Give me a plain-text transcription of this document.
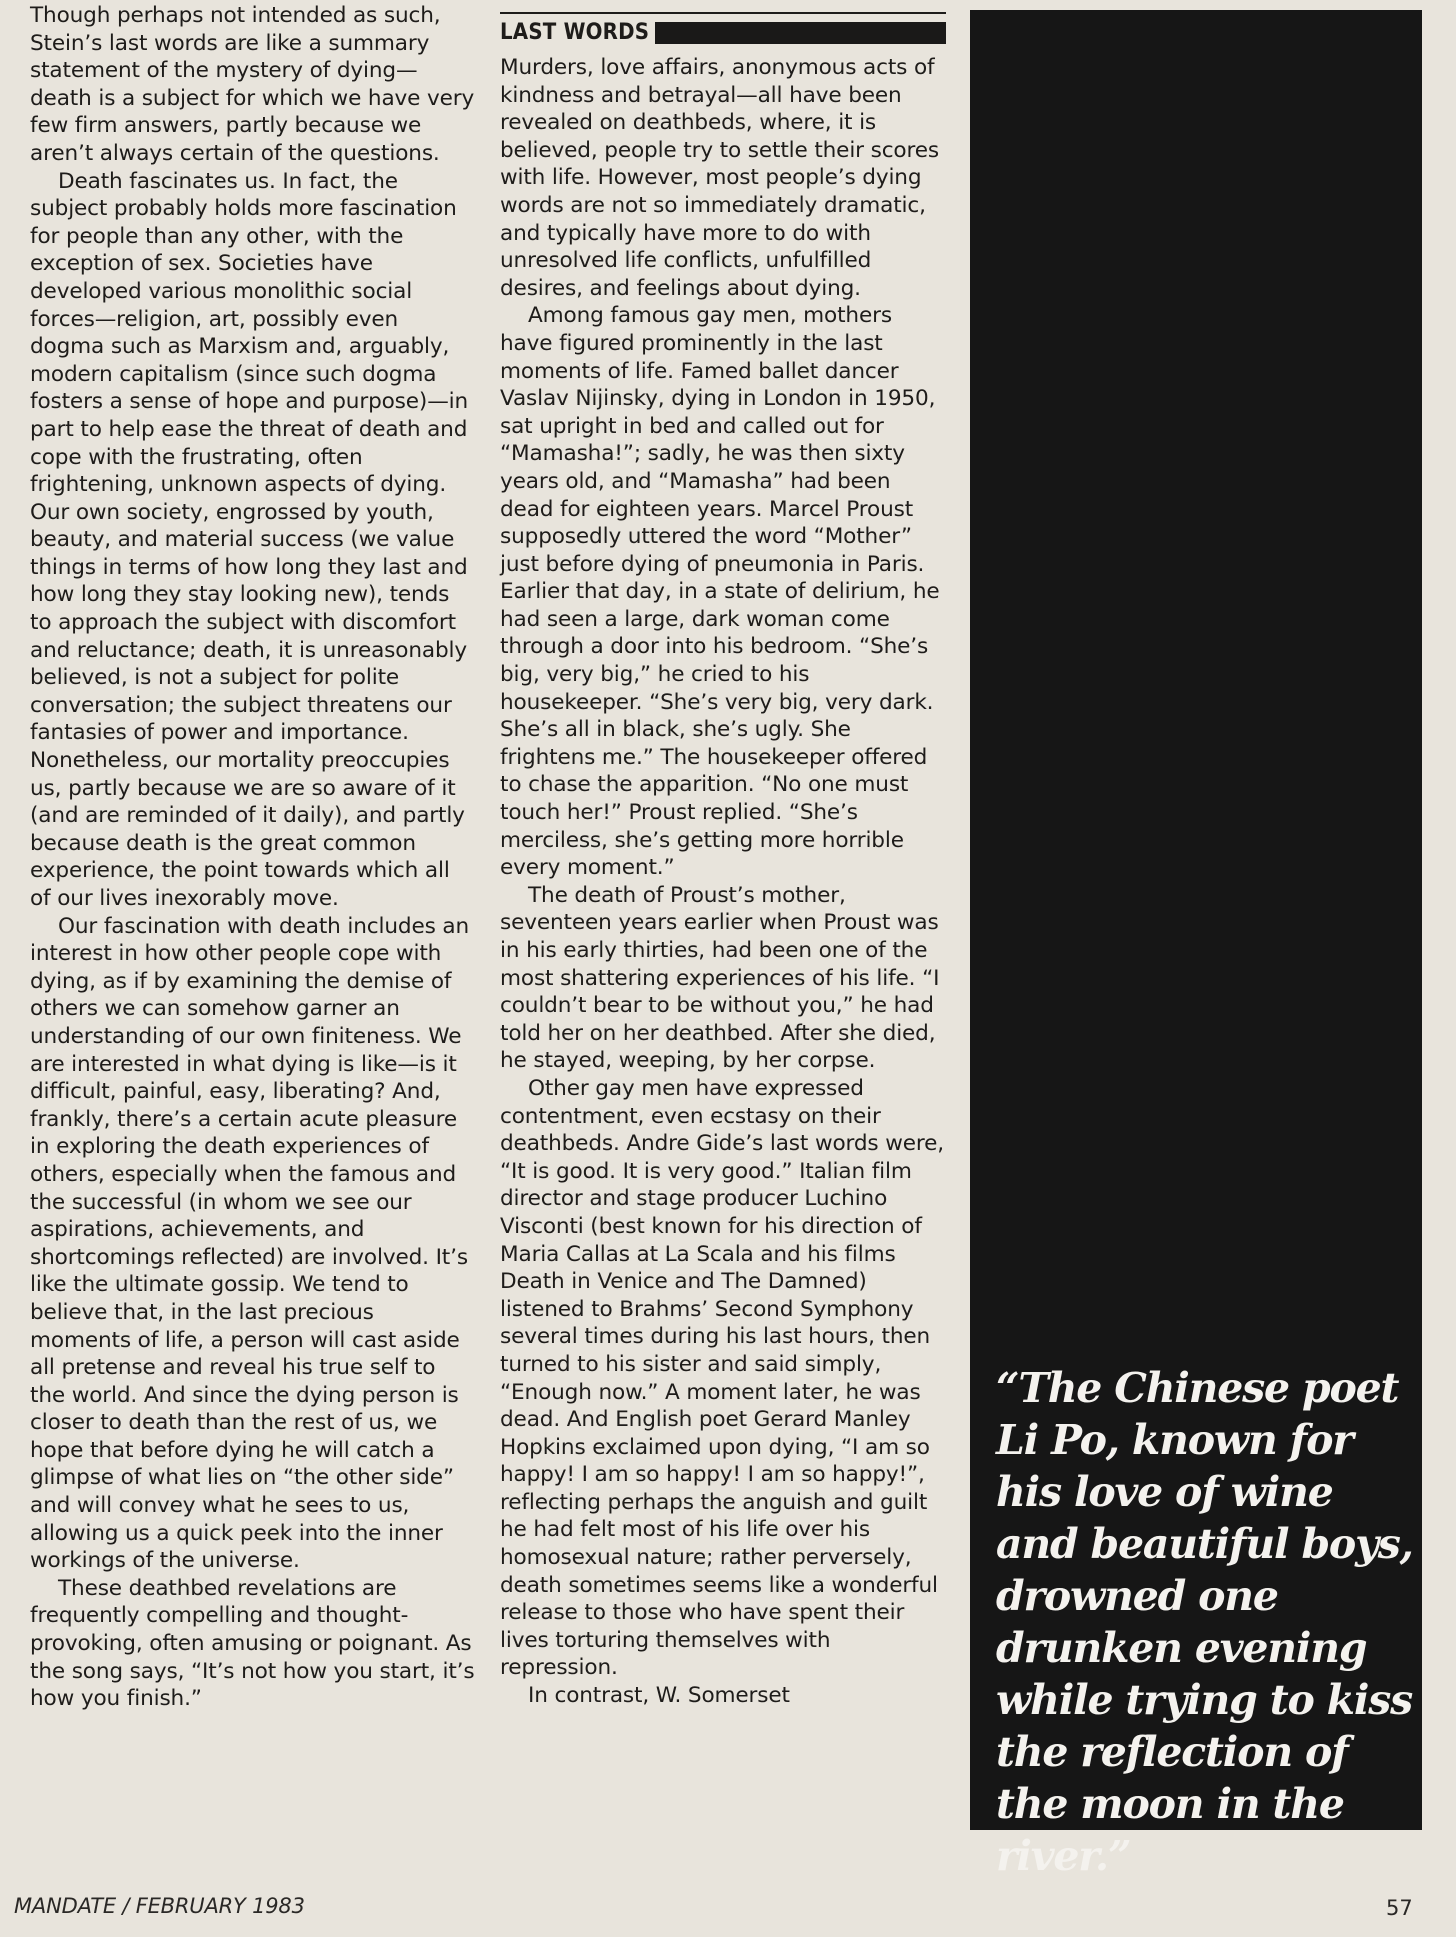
Though perhaps not intended as such, Stein’s last words are like a summary statement of the mystery of dying—death is a subject for which we have very few firm answers, partly because we aren’t always certain of the questions.

Death fascinates us. In fact, the subject probably holds more fascination for people than any other, with the exception of sex. Societies have developed various monolithic social forces—religion, art, possibly even dogma such as Marxism and, arguably, modern capitalism (since such dogma fosters a sense of hope and purpose)—in part to help ease the threat of death and cope with the frustrating, often frightening, unknown aspects of dying. Our own society, engrossed by youth, beauty, and material success (we value things in terms of how long they last and how long they stay looking new), tends to approach the subject with discomfort and reluctance; death, it is unreasonably believed, is not a subject for polite conversation; the subject threatens our fantasies of power and importance. Nonetheless, our mortality preoccupies us, partly because we are so aware of it (and are reminded of it daily), and partly because death is the great common experience, the point towards which all of our lives inexorably move.

Our fascination with death includes an interest in how other people cope with dying, as if by examining the demise of others we can somehow garner an understanding of our own finiteness. We are interested in what dying is like—is it difficult, painful, easy, liberating? And, frankly, there’s a certain acute pleasure in exploring the death experiences of others, especially when the famous and the successful (in whom we see our aspirations, achievements, and shortcomings reflected) are involved. It’s like the ultimate gossip. We tend to believe that, in the last precious moments of life, a person will cast aside all pretense and reveal his true self to the world. And since the dying person is closer to death than the rest of us, we hope that before dying he will catch a glimpse of what lies on “the other side” and will convey what he sees to us, allowing us a quick peek into the inner workings of the universe.

These deathbed revelations are frequently compelling and thought-provoking, often amusing or poignant. As the song says, “It’s not how you start, it’s how you finish.”

LAST WORDS

Murders, love affairs, anonymous acts of kindness and betrayal—all have been revealed on deathbeds, where, it is believed, people try to settle their scores with life. However, most people’s dying words are not so immediately dramatic, and typically have more to do with unresolved life conflicts, unfulfilled desires, and feelings about dying.

Among famous gay men, mothers have figured prominently in the last moments of life. Famed ballet dancer Vaslav Nijinsky, dying in London in 1950, sat upright in bed and called out for “Mamasha!”; sadly, he was then sixty years old, and “Mamasha” had been dead for eighteen years. Marcel Proust supposedly uttered the word “Mother” just before dying of pneumonia in Paris. Earlier that day, in a state of delirium, he had seen a large, dark woman come through a door into his bedroom. “She’s big, very big,” he cried to his housekeeper. “She’s very big, very dark. She’s all in black, she’s ugly. She frightens me.” The housekeeper offered to chase the apparition. “No one must touch her!” Proust replied. “She’s merciless, she’s getting more horrible every moment.”

The death of Proust’s mother, seventeen years earlier when Proust was in his early thirties, had been one of the most shattering experiences of his life. “I couldn’t bear to be without you,” he had told her on her deathbed. After she died, he stayed, weeping, by her corpse.

Other gay men have expressed contentment, even ecstasy on their deathbeds. Andre Gide’s last words were, “It is good. It is very good.” Italian film director and stage producer Luchino Visconti (best known for his direction of Maria Callas at La Scala and his films Death in Venice and The Damned) listened to Brahms’ Second Symphony several times during his last hours, then turned to his sister and said simply, “Enough now.” A moment later, he was dead. And English poet Gerard Manley Hopkins exclaimed upon dying, “I am so happy! I am so happy! I am so happy!”, reflecting perhaps the anguish and guilt he had felt most of his life over his homosexual nature; rather perversely, death sometimes seems like a wonderful release to those who have spent their lives torturing themselves with repression.

In contrast, W. Somerset

“The Chinese poet Li Po, known for his love of wine and beautiful boys, drowned one drunken evening while trying to kiss the reflection of the moon in the river.”

MANDATE / FEBRUARY 1983	57
